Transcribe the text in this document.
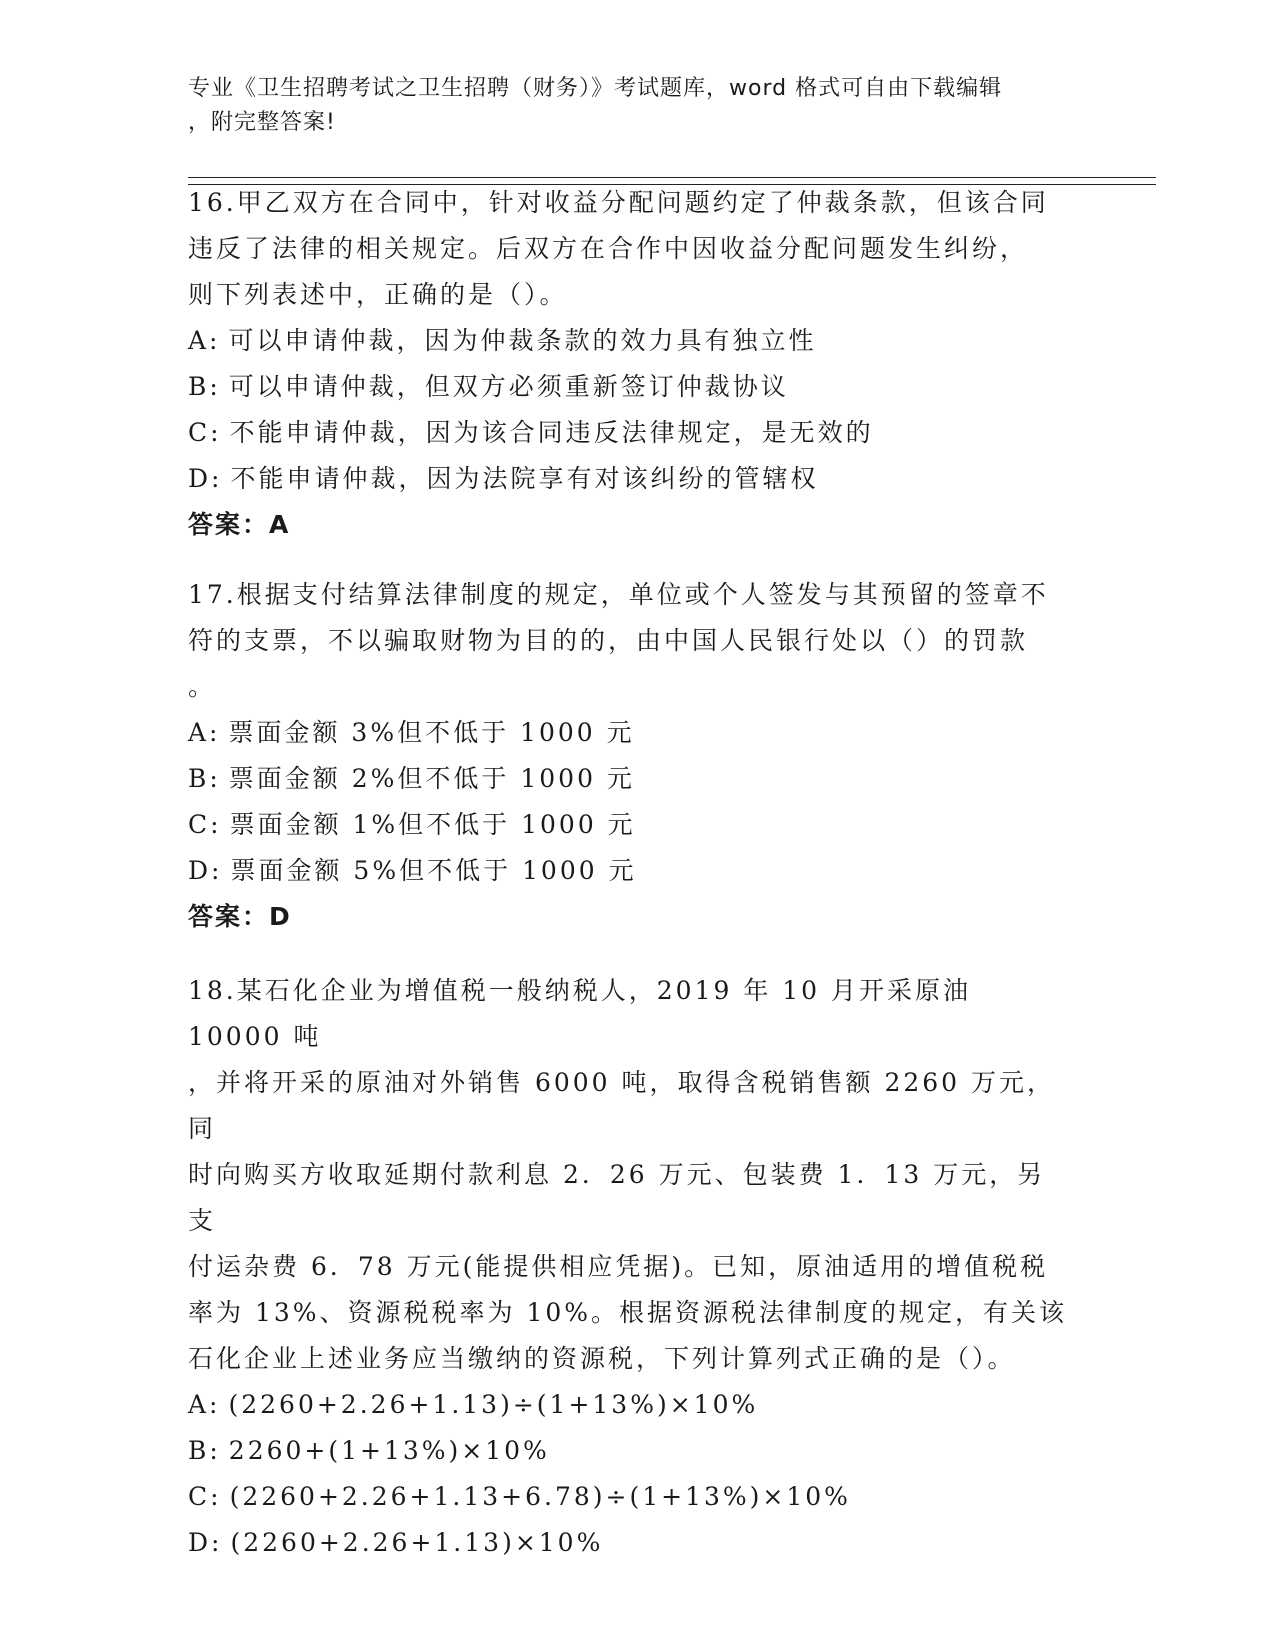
专业《卫生招聘考试之卫生招聘（财务）》考试题库，word 格式可自由下载编辑
，附完整答案!

16.甲乙双方在合同中，针对收益分配问题约定了仲裁条款，但该合同
违反了法律的相关规定。后双方在合作中因收益分配问题发生纠纷，
则下列表述中，正确的是（）。

A: 可以申请仲裁，因为仲裁条款的效力具有独立性
B: 可以申请仲裁，但双方必须重新签订仲裁协议
C: 不能申请仲裁，因为该合同违反法律规定，是无效的
D: 不能申请仲裁，因为法院享有对该纠纷的管辖权

答案：A

17.根据支付结算法律制度的规定，单位或个人签发与其预留的签章不
符的支票，不以骗取财物为目的的，由中国人民银行处以（）的罚款
。

A: 票面金额 3%但不低于 1000 元
B: 票面金额 2%但不低于 1000 元
C: 票面金额 1%但不低于 1000 元
D: 票面金额 5%但不低于 1000 元

答案：D

18.某石化企业为增值税一般纳税人，2019 年 10 月开采原油 10000 吨
，并将开采的原油对外销售 6000 吨，取得含税销售额 2260 万元，同
时向购买方收取延期付款利息 2．26 万元、包装费 1．13 万元，另支
付运杂费 6．78 万元(能提供相应凭据)。已知，原油适用的增值税税
率为 13%、资源税税率为 10%。根据资源税法律制度的规定，有关该
石化企业上述业务应当缴纳的资源税，下列计算列式正确的是（）。

A: (2260+2.26+1.13)÷(1+13%)×10%
B: 2260+(1+13%)×10%
C: (2260+2.26+1.13+6.78)÷(1+13%)×10%
D: (2260+2.26+1.13)×10%
